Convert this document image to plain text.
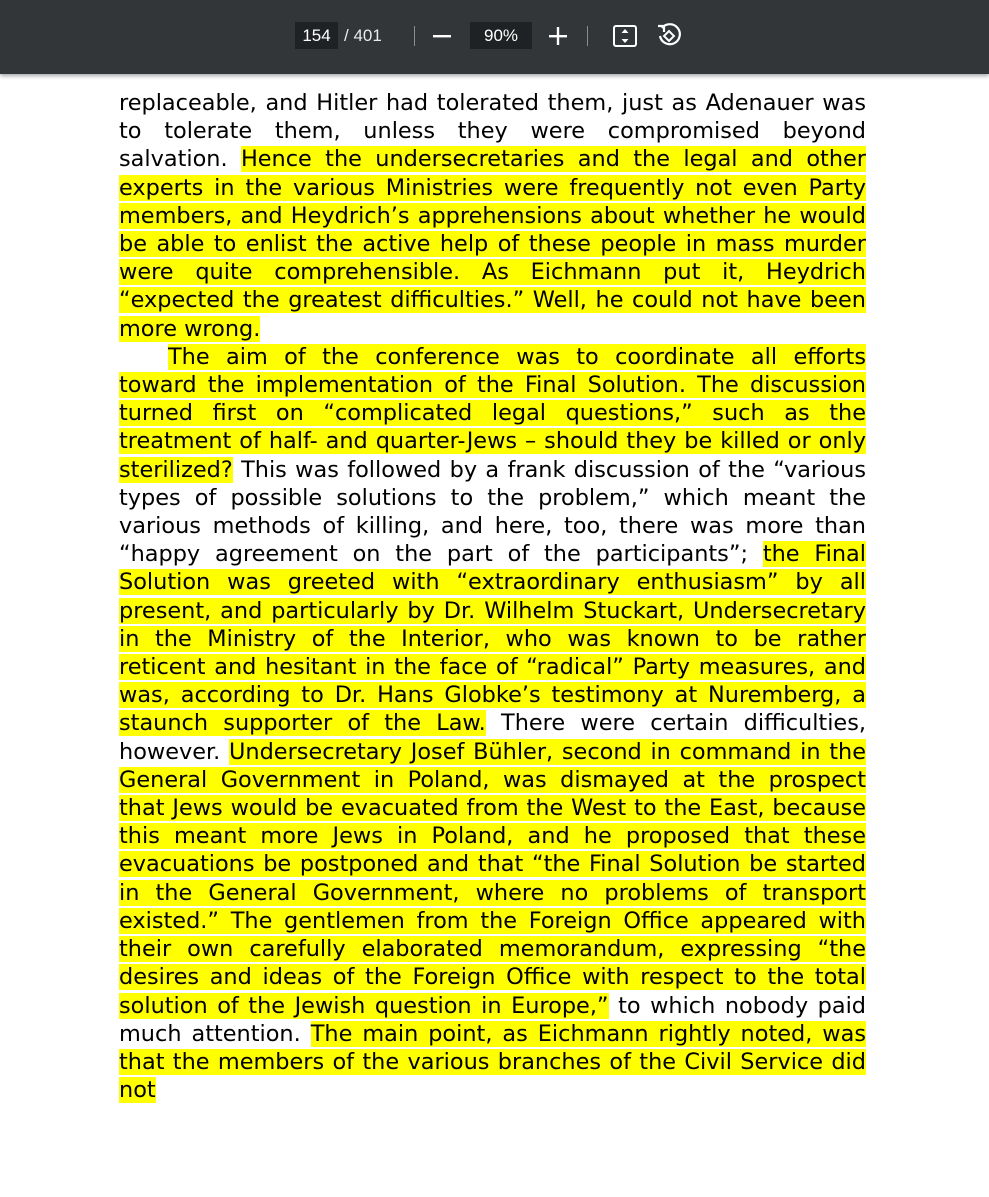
154 / 401	90%

replaceable, and Hitler had tolerated them, just as Adenauer was to tolerate them, unless they were compromised beyond salvation. Hence the undersecretaries and the legal and other experts in the various Ministries were frequently not even Party members, and Heydrich’s apprehensions about whether he would be able to enlist the active help of these people in mass murder were quite comprehensible. As Eichmann put it, Heydrich “expected the greatest difficulties.” Well, he could not have been more wrong.

The aim of the conference was to coordinate all efforts toward the implementation of the Final Solution. The discussion turned first on “complicated legal questions,” such as the treatment of half- and quarter-Jews – should they be killed or only sterilized? This was followed by a frank discussion of the “various types of possible solutions to the problem,” which meant the various methods of killing, and here, too, there was more than “happy agreement on the part of the participants”; the Final Solution was greeted with “extraordinary enthusiasm” by all present, and particularly by Dr. Wilhelm Stuckart, Undersecretary in the Ministry of the Interior, who was known to be rather reticent and hesitant in the face of “radical” Party measures, and was, according to Dr. Hans Globke’s testimony at Nuremberg, a staunch supporter of the Law. There were certain difficulties, however. Undersecretary Josef Bühler, second in command in the General Government in Poland, was dismayed at the prospect that Jews would be evacuated from the West to the East, because this meant more Jews in Poland, and he proposed that these evacuations be postponed and that “the Final Solution be started in the General Government, where no problems of transport existed.” The gentlemen from the Foreign Office appeared with their own carefully elaborated memorandum, expressing “the desires and ideas of the Foreign Office with respect to the total solution of the Jewish question in Europe,” to which nobody paid much attention. The main point, as Eichmann rightly noted, was that the members of the various branches of the Civil Service did not
